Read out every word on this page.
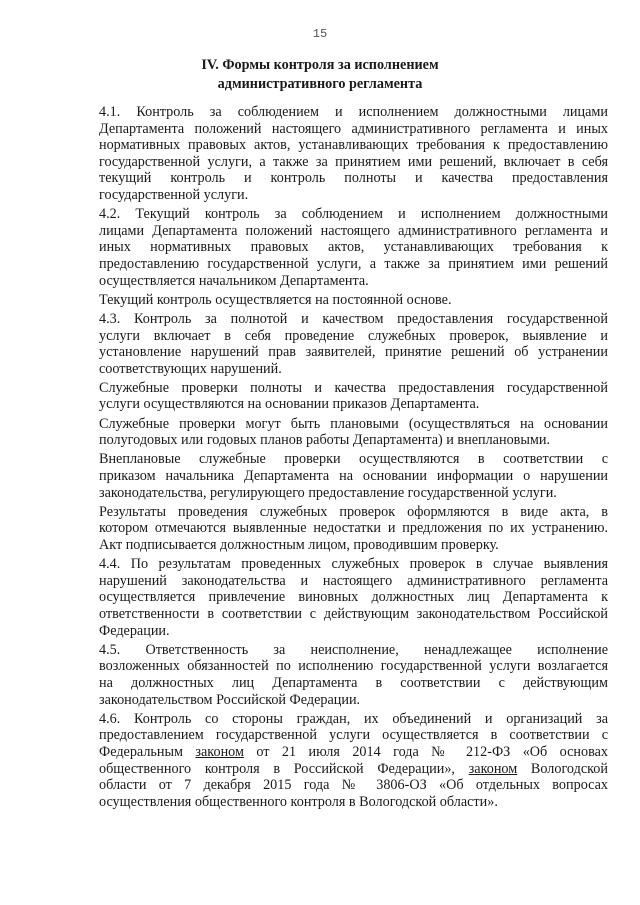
15
IV. Формы контроля за исполнением
административного регламента

4.1. Контроль за соблюдением и исполнением должностными лицами
Департамента положений настоящего административного регламента и иных
нормативных правовых актов, устанавливающих требования к предоставлению
государственной услуги, а также за принятием ими решений, включает в себя
текущий контроль и контроль полноты и качества предоставления
государственной услуги.

4.2. Текущий контроль за соблюдением и исполнением должностными
лицами Департамента положений настоящего административного регламента и
иных нормативных правовых актов, устанавливающих требования к
предоставлению государственной услуги, а также за принятием ими решений
осуществляется начальником Департамента.

Текущий контроль осуществляется на постоянной основе.

4.3. Контроль за полнотой и качеством предоставления государственной
услуги включает в себя проведение служебных проверок, выявление и
установление нарушений прав заявителей, принятие решений об устранении
соответствующих нарушений.

Служебные проверки полноты и качества предоставления государственной
услуги осуществляются на основании приказов Департамента.

Служебные проверки могут быть плановыми (осуществляться на основании
полугодовых или годовых планов работы Департамента) и внеплановыми.

Внеплановые служебные проверки осуществляются в соответствии с
приказом начальника Департамента на основании информации о нарушении
законодательства, регулирующего предоставление государственной услуги.

Результаты проведения служебных проверок оформляются в виде акта, в
котором отмечаются выявленные недостатки и предложения по их устранению.
Акт подписывается должностным лицом, проводившим проверку.

4.4. По результатам проведенных служебных проверок в случае выявления
нарушений законодательства и настоящего административного регламента
осуществляется привлечение виновных должностных лиц Департамента к
ответственности в соответствии с действующим законодательством Российской
Федерации.

4.5. Ответственность за неисполнение, ненадлежащее исполнение
возложенных обязанностей по исполнению государственной услуги возлагается
на должностных лиц Департамента в соответствии с действующим
законодательством Российской Федерации.

4.6. Контроль со стороны граждан, их объединений и организаций за
предоставлением государственной услуги осуществляется в соответствии с
Федеральным законом от 21 июля 2014 года № 212-ФЗ «Об основах
общественного контроля в Российской Федерации», законом Вологодской
области от 7 декабря 2015 года № 3806-ОЗ «Об отдельных вопросах
осуществления общественного контроля в Вологодской области».
